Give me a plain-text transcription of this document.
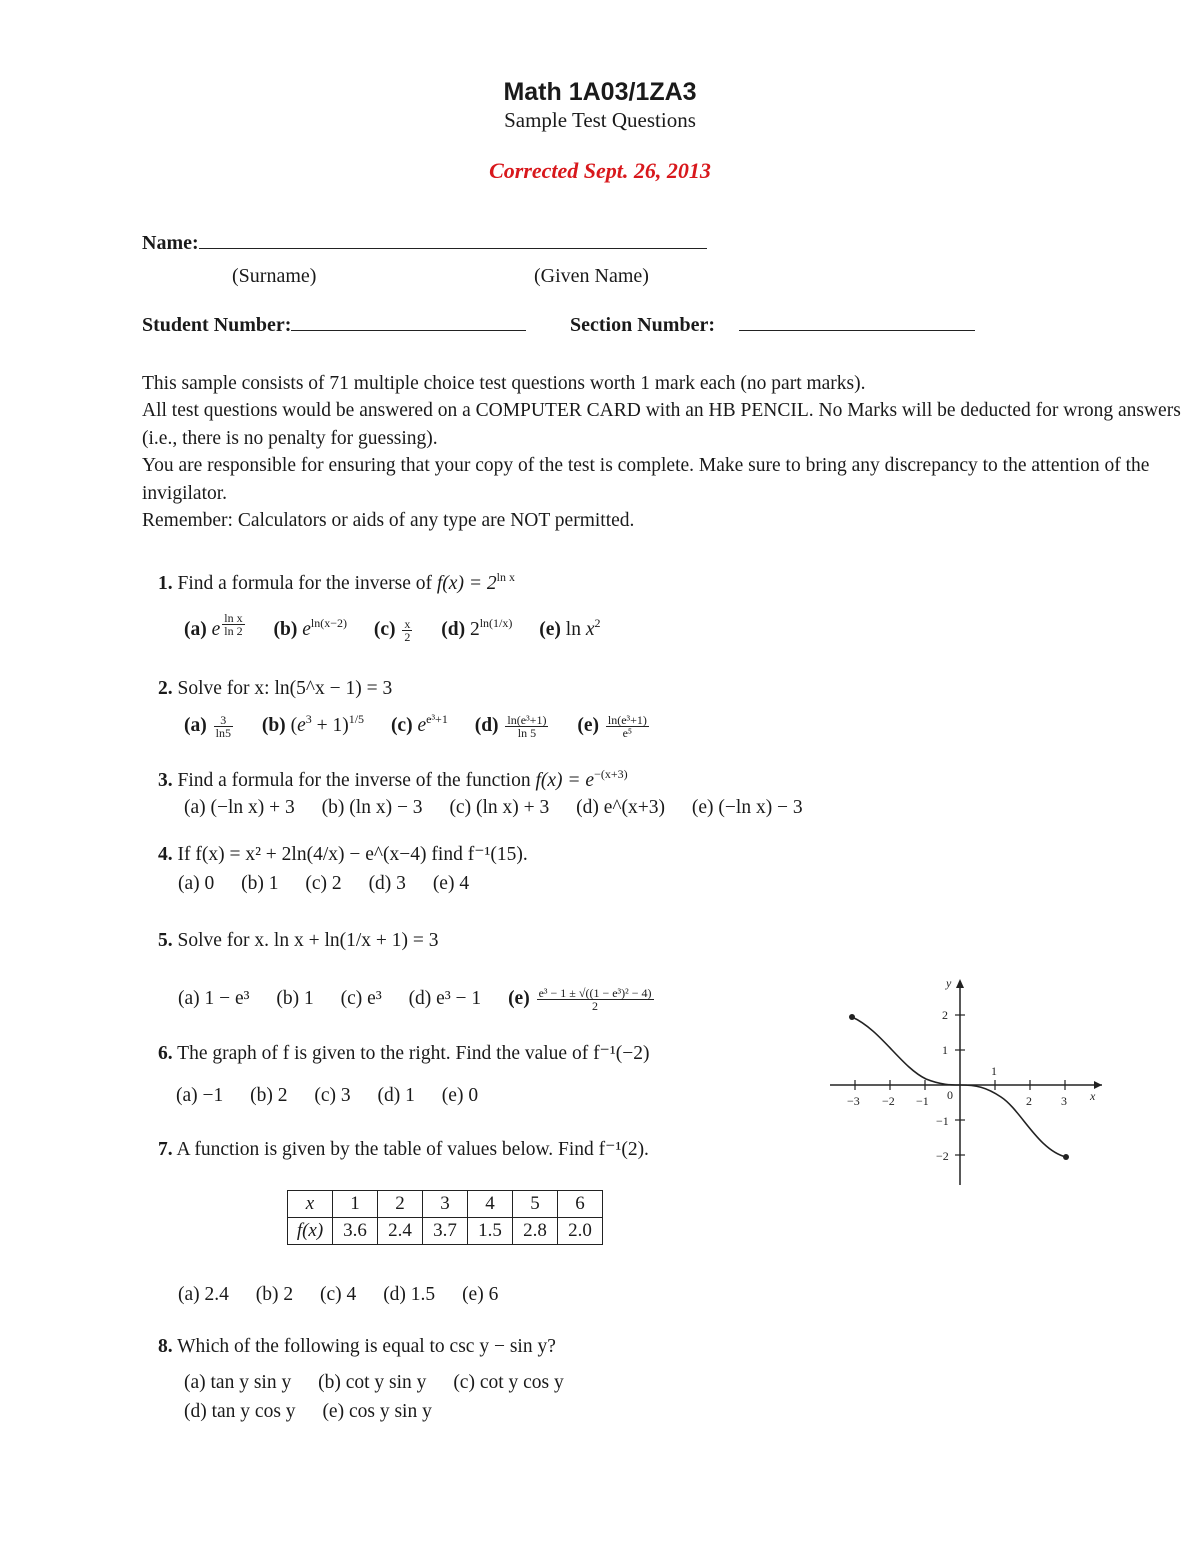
Math 1A03/1ZA3
Sample Test Questions
Corrected Sept. 26, 2013
Name:
(Surname)	(Given Name)
Student Number:	Section Number:
This sample consists of 71 multiple choice test questions worth 1 mark each (no part marks).
All test questions would be answered on a COMPUTER CARD with an HB PENCIL. No Marks will be deducted for wrong answers (i.e., there is no penalty for guessing).
You are responsible for ensuring that your copy of the test is complete. Make sure to bring any discrepancy to the attention of the invigilator.
Remember: Calculators or aids of any type are NOT permitted.
1. Find a formula for the inverse of $f(x) = 2^{ln x}$
(a) e $^{\frac{\text{ln x}}{\ln 2}}$ (b) $e^{ln(x-2)}$ $(c) \frac{x}{2} (d)$ $2^{ln(1/x)}$ (e) $\ln x^2$
2. Solve for x: ln(5^x − 1) = 3
$(a) \frac{3}{\ln 5} (b) (e^3 + 1)^{1/5}$ (c) $e^{e^3+1}$ $(d) \frac{\text{ln(e³+1)}}{\ln 5} (e) \frac{\text{ln(e³+1)}}{\text{e⁵}}$
3. Find a formula for the inverse of the function $f(x) = e^{-(x+3)}$
(a) (−ln x) + 3 (b) (ln x) − 3 (c) (ln x) + 3 (d) e^(x+3) (e) (−ln x) − 3
4. If f(x) = x² + 2ln(4/x) − e^(x−4) find f⁻¹(15).
(a) 0 (b) 1 (c) 2 (d) 3 (e) 4
5. Solve for x. ln x + ln(1/x + 1) = 3
(a) 1 − e³ (b) 1 (c) e³ (d) e³ − 1 $(e) \frac{\text{e³ − 1 ± √((1 − e³)² − 4)}}{2}$
6. The graph of f is given to the right. Find the value of f⁻¹(−2)
(a) −1 (b) 2 (c) 3 (d) 1 (e) 0	−3 −2 −1 0
1
2 3 x
2
1
−1
−2
y
7. A function is given by the table of values below. Find f⁻¹(2).
x	1	2	3	4	5	6
f(x)	3.6	2.4	3.7	1.5	2.8	2.0
(a) 2.4 (b) 2 (c) 4 (d) 1.5 (e) 6
8. Which of the following is equal to csc y − sin y?
(a) tan y sin y (b) cot y sin y (c) cot y cos y
(d) tan y cos y (e) cos y sin y
